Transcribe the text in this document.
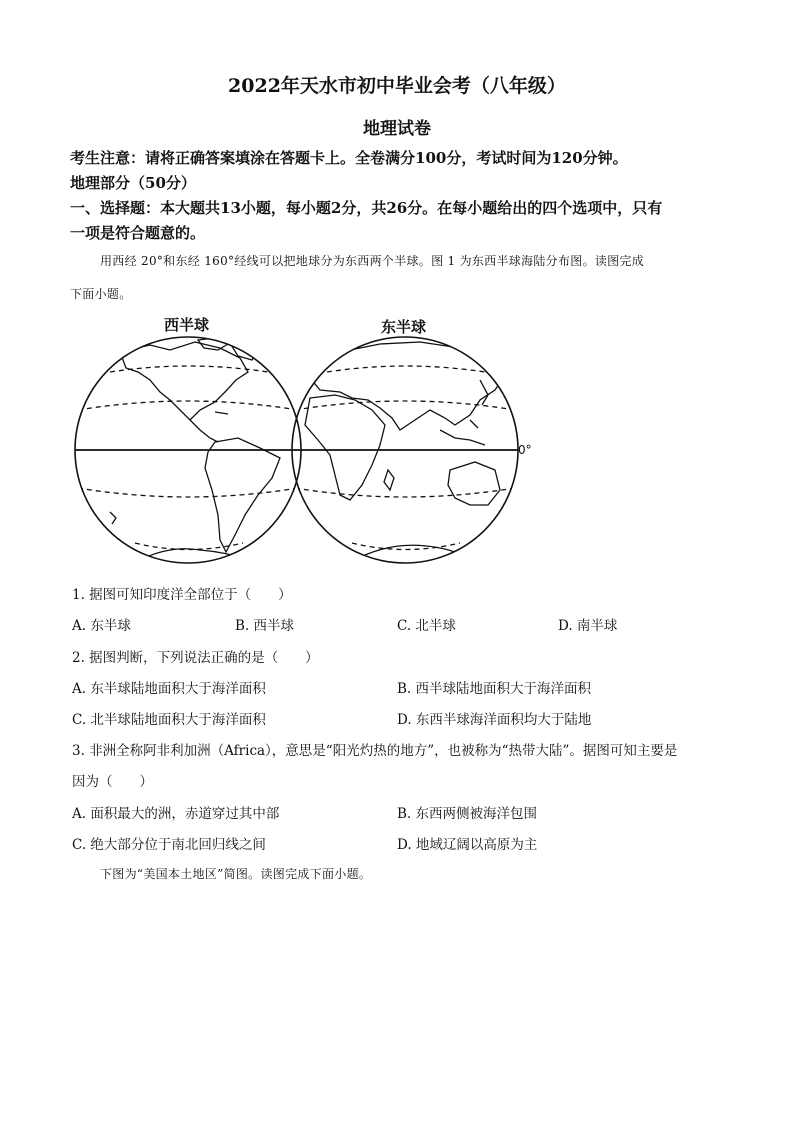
2022年天水市初中毕业会考（八年级）
地理试卷
考生注意：请将正确答案填涂在答题卡上。全卷满分100分，考试时间为120分钟。
地理部分（50分）
一、选择题：本大题共13小题，每小题2分，共26分。在每小题给出的四个选项中，只有
一项是符合题意的。
用西经 20°和东经 160°经线可以把地球分为东西两个半球。图 1 为东西半球海陆分布图。读图完成
下面小题。
西半球	东半球
0°
1. 据图可知印度洋全部位于（　　）
A. 东半球	B. 西半球	C. 北半球	D. 南半球
2. 据图判断，下列说法正确的是（　　）
A. 东半球陆地面积大于海洋面积	B. 西半球陆地面积大于海洋面积
C. 北半球陆地面积大于海洋面积	D. 东西半球海洋面积均大于陆地
3. 非洲全称阿非利加洲（Africa），意思是“阳光灼热的地方”，也被称为“热带大陆”。据图可知主要是
因为（　　）
A. 面积最大的洲，赤道穿过其中部	B. 东西两侧被海洋包围
C. 绝大部分位于南北回归线之间	D. 地域辽阔以高原为主
下图为“美国本土地区”简图。读图完成下面小题。
